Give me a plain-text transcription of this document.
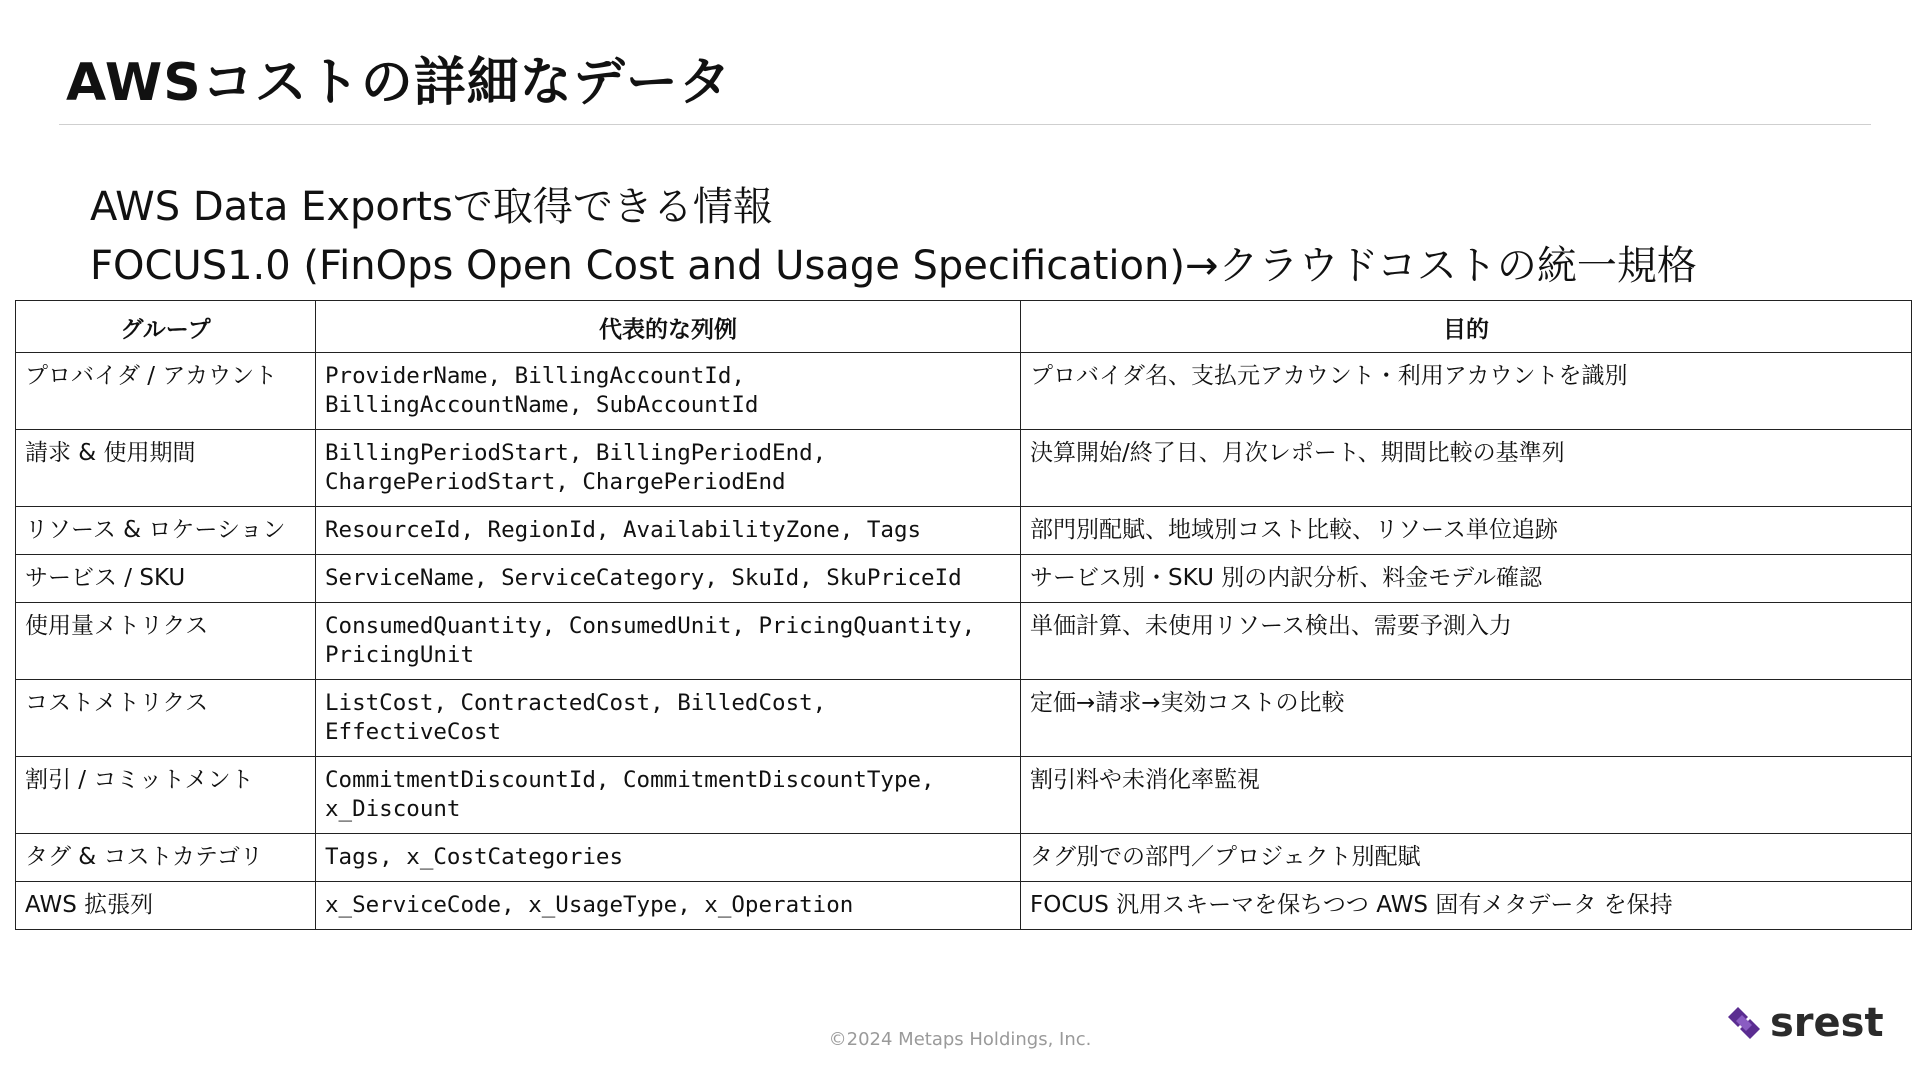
AWSコストの詳細なデータ

AWS Data Exportsで取得できる情報

FOCUS1.0 (FinOps Open Cost and Usage Specification)→クラウドコストの統一規格

グループ	代表的な列例	目的
プロバイダ / アカウント	ProviderName, BillingAccountId, BillingAccountName, SubAccountId	プロバイダ名、支払元アカウント・利用アカウントを識別
請求 & 使用期間	BillingPeriodStart, BillingPeriodEnd, ChargePeriodStart, ChargePeriodEnd	決算開始/終了日、月次レポート、期間比較の基準列
リソース & ロケーション	ResourceId, RegionId, AvailabilityZone, Tags	部門別配賦、地域別コスト比較、リソース単位追跡
サービス / SKU	ServiceName, ServiceCategory, SkuId, SkuPriceId	サービス別・SKU 別の内訳分析、料金モデル確認
使用量メトリクス	ConsumedQuantity, ConsumedUnit, PricingQuantity, PricingUnit	単価計算、未使用リソース検出、需要予測入力
コストメトリクス	ListCost, ContractedCost, BilledCost, EffectiveCost	定価→請求→実効コストの比較
割引 / コミットメント	CommitmentDiscountId, CommitmentDiscountType, x_Discount	割引料や未消化率監視
タグ & コストカテゴリ	Tags, x_CostCategories	タグ別での部門／プロジェクト別配賦
AWS 拡張列	x_ServiceCode, x_UsageType, x_Operation	FOCUS 汎用スキーマを保ちつつ AWS 固有メタデータ を保持
©2024 Metaps Holdings, Inc.	srest
